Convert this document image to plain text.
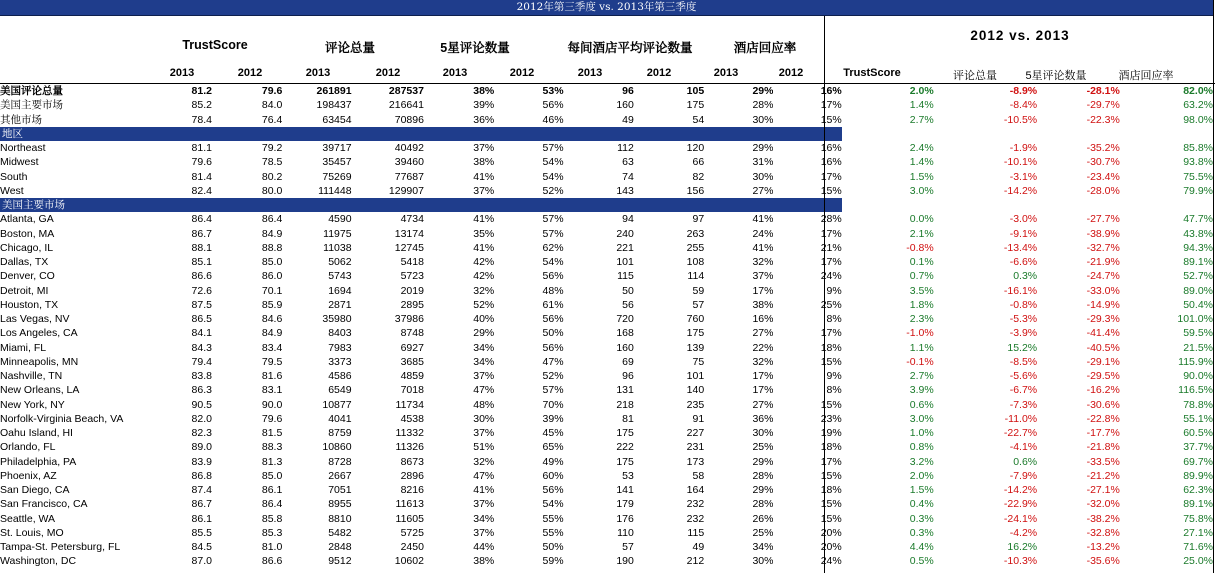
2012年第三季度 vs. 2013年第三季度
TrustScore	评论总量	5星评论数量	每间酒店平均评论数量	酒店回应率
2012 vs. 2013
2013	2012	2013	2012	2013	2012	2013	2012	2013	2012	TrustScore	评论总量	5星评论数量	酒店回应率
美国评论总量	81.2	79.6	261891	287537	38%	53%	96	105	29%	16%	2.0%	-8.9%	-28.1%	82.0%
美国主要市场	85.2	84.0	198437	216641	39%	56%	160	175	28%	17%	1.4%	-8.4%	-29.7%	63.2%
其他市场	78.4	76.4	63454	70896	36%	46%	49	54	30%	15%	2.7%	-10.5%	-22.3%	98.0%
地区														
Northeast	81.1	79.2	39717	40492	37%	57%	112	120	29%	16%	2.4%	-1.9%	-35.2%	85.8%
Midwest	79.6	78.5	35457	39460	38%	54%	63	66	31%	16%	1.4%	-10.1%	-30.7%	93.8%
South	81.4	80.2	75269	77687	41%	54%	74	82	30%	17%	1.5%	-3.1%	-23.4%	75.5%
West	82.4	80.0	111448	129907	37%	52%	143	156	27%	15%	3.0%	-14.2%	-28.0%	79.9%
美国主要市场														
Atlanta, GA	86.4	86.4	4590	4734	41%	57%	94	97	41%	28%	0.0%	-3.0%	-27.7%	47.7%
Boston, MA	86.7	84.9	11975	13174	35%	57%	240	263	24%	17%	2.1%	-9.1%	-38.9%	43.8%
Chicago, IL	88.1	88.8	11038	12745	41%	62%	221	255	41%	21%	-0.8%	-13.4%	-32.7%	94.3%
Dallas, TX	85.1	85.0	5062	5418	42%	54%	101	108	32%	17%	0.1%	-6.6%	-21.9%	89.1%
Denver, CO	86.6	86.0	5743	5723	42%	56%	115	114	37%	24%	0.7%	0.3%	-24.7%	52.7%
Detroit, MI	72.6	70.1	1694	2019	32%	48%	50	59	17%	9%	3.5%	-16.1%	-33.0%	89.0%
Houston, TX	87.5	85.9	2871	2895	52%	61%	56	57	38%	25%	1.8%	-0.8%	-14.9%	50.4%
Las Vegas, NV	86.5	84.6	35980	37986	40%	56%	720	760	16%	8%	2.3%	-5.3%	-29.3%	101.0%
Los Angeles, CA	84.1	84.9	8403	8748	29%	50%	168	175	27%	17%	-1.0%	-3.9%	-41.4%	59.5%
Miami, FL	84.3	83.4	7983	6927	34%	56%	160	139	22%	18%	1.1%	15.2%	-40.5%	21.5%
Minneapolis, MN	79.4	79.5	3373	3685	34%	47%	69	75	32%	15%	-0.1%	-8.5%	-29.1%	115.9%
Nashville, TN	83.8	81.6	4586	4859	37%	52%	96	101	17%	9%	2.7%	-5.6%	-29.5%	90.0%
New Orleans, LA	86.3	83.1	6549	7018	47%	57%	131	140	17%	8%	3.9%	-6.7%	-16.2%	116.5%
New York, NY	90.5	90.0	10877	11734	48%	70%	218	235	27%	15%	0.6%	-7.3%	-30.6%	78.8%
Norfolk-Virginia Beach, VA	82.0	79.6	4041	4538	30%	39%	81	91	36%	23%	3.0%	-11.0%	-22.8%	55.1%
Oahu Island, HI	82.3	81.5	8759	11332	37%	45%	175	227	30%	19%	1.0%	-22.7%	-17.7%	60.5%
Orlando, FL	89.0	88.3	10860	11326	51%	65%	222	231	25%	18%	0.8%	-4.1%	-21.8%	37.7%
Philadelphia, PA	83.9	81.3	8728	8673	32%	49%	175	173	29%	17%	3.2%	0.6%	-33.5%	69.7%
Phoenix, AZ	86.8	85.0	2667	2896	47%	60%	53	58	28%	15%	2.0%	-7.9%	-21.2%	89.9%
San Diego, CA	87.4	86.1	7051	8216	41%	56%	141	164	29%	18%	1.5%	-14.2%	-27.1%	62.3%
San Francisco, CA	86.7	86.4	8955	11613	37%	54%	179	232	28%	15%	0.4%	-22.9%	-32.0%	89.1%
Seattle, WA	86.1	85.8	8810	11605	34%	55%	176	232	26%	15%	0.3%	-24.1%	-38.2%	75.8%
St. Louis, MO	85.5	85.3	5482	5725	37%	55%	110	115	25%	20%	0.3%	-4.2%	-32.8%	27.1%
Tampa-St. Petersburg, FL	84.5	81.0	2848	2450	44%	50%	57	49	34%	20%	4.4%	16.2%	-13.2%	71.6%
Washington, DC	87.0	86.6	9512	10602	38%	59%	190	212	30%	24%	0.5%	-10.3%	-35.6%	25.0%
